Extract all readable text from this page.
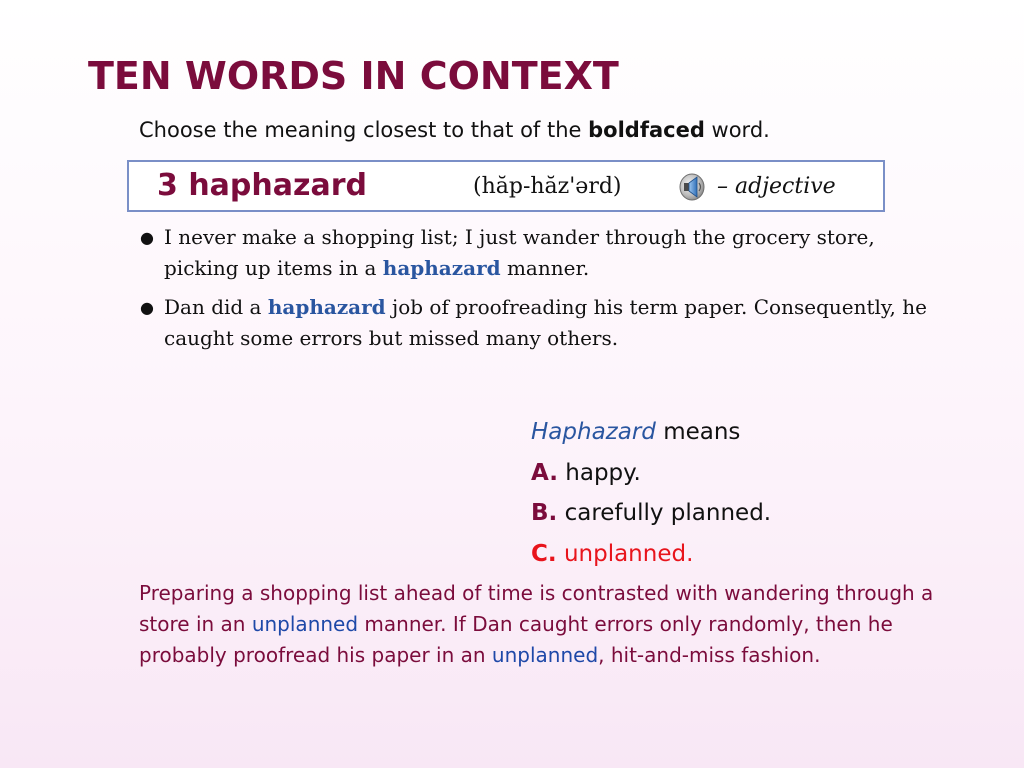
TEN WORDS IN CONTEXT
Choose the meaning closest to that of the boldfaced word.
3 haphazard	(hăp-hăz'ərd)	– adjective
● I never make a shopping list; I just wander through the grocery store, picking up items in a haphazard manner.
● Dan did a haphazard job of proofreading his term paper. Consequently, he caught some errors but missed many others.
Haphazard means
A. happy.
B. carefully planned.
C. unplanned.

Preparing a shopping list ahead of time is contrasted with wandering through a store in an unplanned manner. If Dan caught errors only randomly, then he probably proofread his paper in an unplanned, hit-and-miss fashion.
